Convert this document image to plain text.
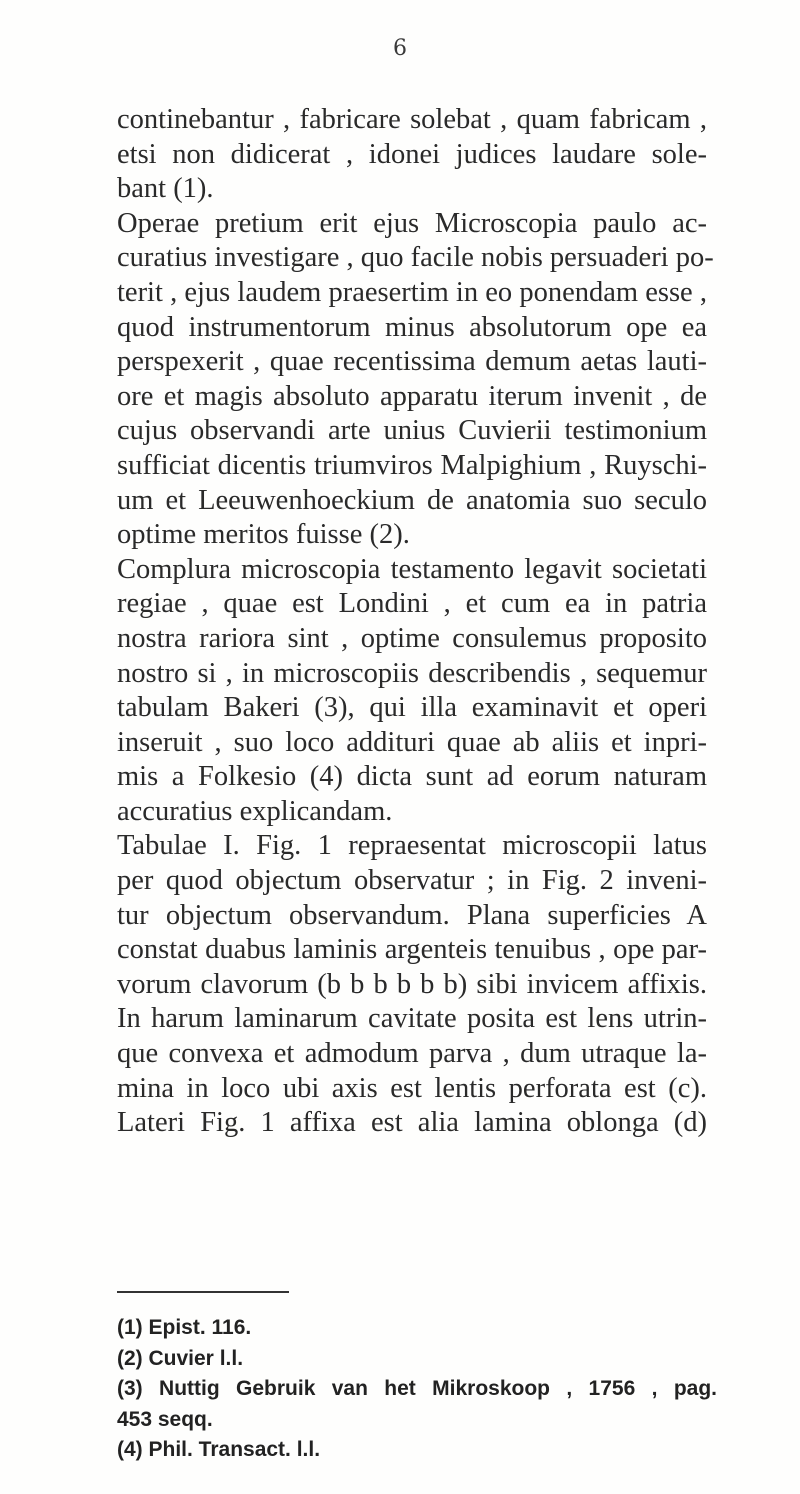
6
continebantur , fabricare solebat , quam fabricam ,
etsi non didicerat , idonei judices laudare sole-
bant (1).
Operae pretium erit ejus Microscopia paulo ac-
curatius investigare , quo facile nobis persuaderi po-
terit , ejus laudem praesertim in eo ponendam esse ,
quod instrumentorum minus absolutorum ope ea
perspexerit , quae recentissima demum aetas lauti-
ore et magis absoluto apparatu iterum invenit , de
cujus observandi arte unius Cuvierii testimonium
sufficiat dicentis triumviros Malpighium , Ruyschi-
um et Leeuwenhoeckium de anatomia suo seculo
optime meritos fuisse (2).
Complura microscopia testamento legavit societati
regiae , quae est Londini , et cum ea in patria
nostra rariora sint , optime consulemus proposito
nostro si , in microscopiis describendis , sequemur
tabulam Bakeri (3), qui illa examinavit et operi
inseruit , suo loco addituri quae ab aliis et inpri-
mis a Folkesio (4) dicta sunt ad eorum naturam
accuratius explicandam.
Tabulae I. Fig. 1 repraesentat microscopii latus
per quod objectum observatur ; in Fig. 2 inveni-
tur objectum observandum. Plana superficies A
constat duabus laminis argenteis tenuibus , ope par-
vorum clavorum (b b b b b b) sibi invicem affixis.
In harum laminarum cavitate posita est lens utrin-
que convexa et admodum parva , dum utraque la-
mina in loco ubi axis est lentis perforata est (c).
Lateri Fig. 1 affixa est alia lamina oblonga (d)
(1) Epist. 116.
(2) Cuvier l.l.
(3) Nuttig Gebruik van het Mikroskoop , 1756 , pag.
453 seqq.
(4) Phil. Transact. l.l.
